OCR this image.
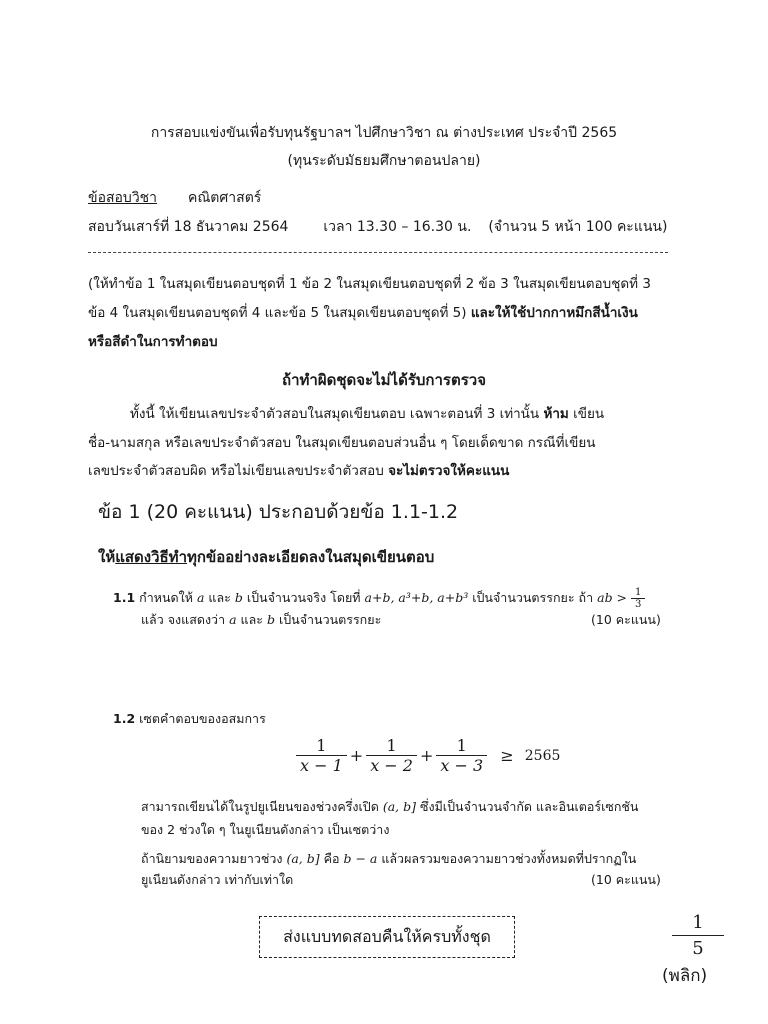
การสอบแข่งขันเพื่อรับทุนรัฐบาลฯ ไปศึกษาวิชา ณ ต่างประเทศ ประจำปี 2565
(ทุนระดับมัธยมศึกษาตอนปลาย)
ข้อสอบวิชา คณิตศาสตร์
สอบวันเสาร์ที่ 18 ธันวาคม 2564 เวลา 13.30 – 16.30 น. (จำนวน 5 หน้า 100 คะแนน)
(ให้ทำข้อ 1 ในสมุดเขียนตอบชุดที่ 1 ข้อ 2 ในสมุดเขียนตอบชุดที่ 2 ข้อ 3 ในสมุดเขียนตอบชุดที่ 3
ข้อ 4 ในสมุดเขียนตอบชุดที่ 4 และข้อ 5 ในสมุดเขียนตอบชุดที่ 5) และให้ใช้ปากกาหมึกสีน้ำเงิน
หรือสีดำในการทำตอบ
ถ้าทำผิดชุดจะไม่ได้รับการตรวจ
ทั้งนี้ ให้เขียนเลขประจำตัวสอบในสมุดเขียนตอบ เฉพาะตอนที่ 3 เท่านั้น ห้าม เขียน
ชื่อ-นามสกุล หรือเลขประจำตัวสอบ ในสมุดเขียนตอบส่วนอื่น ๆ โดยเด็ดขาด กรณีที่เขียน
เลขประจำตัวสอบผิด หรือไม่เขียนเลขประจำตัวสอบ จะไม่ตรวจให้คะแนน
ข้อ 1 (20 คะแนน) ประกอบด้วยข้อ 1.1-1.2
ให้แสดงวิธีทำทุกข้ออย่างละเอียดลงในสมุดเขียนตอบ
1.1 กำหนดให้ a และ b เป็นจำนวนจริง โดยที่ a+b, a³+b, a+b³ เป็นจำนวนตรรกยะ ถ้า ab > $\frac{1}{3}$
แล้ว จงแสดงว่า a และ b เป็นจำนวนตรรกยะ	(10 คะแนน)
1.2 เซตคำตอบของอสมการ
$\frac{1}{x - 1} + \frac{1}{x - 2} + \frac{1}{x - 3} \ge 2565$
สามารถเขียนได้ในรูปยูเนียนของช่วงครึ่งเปิด (a, b] ซึ่งมีเป็นจำนวนจำกัด และอินเตอร์เซกชัน
ของ 2 ช่วงใด ๆ ในยูเนียนดังกล่าว เป็นเซตว่าง
ถ้านิยามของความยาวช่วง (a, b] คือ b − a แล้วผลรวมของความยาวช่วงทั้งหมดที่ปรากฏใน
ยูเนียนดังกล่าว เท่ากับเท่าใด	(10 คะแนน)
ส่งแบบทดสอบคืนให้ครบทั้งชุด
1
5
(พลิก)
